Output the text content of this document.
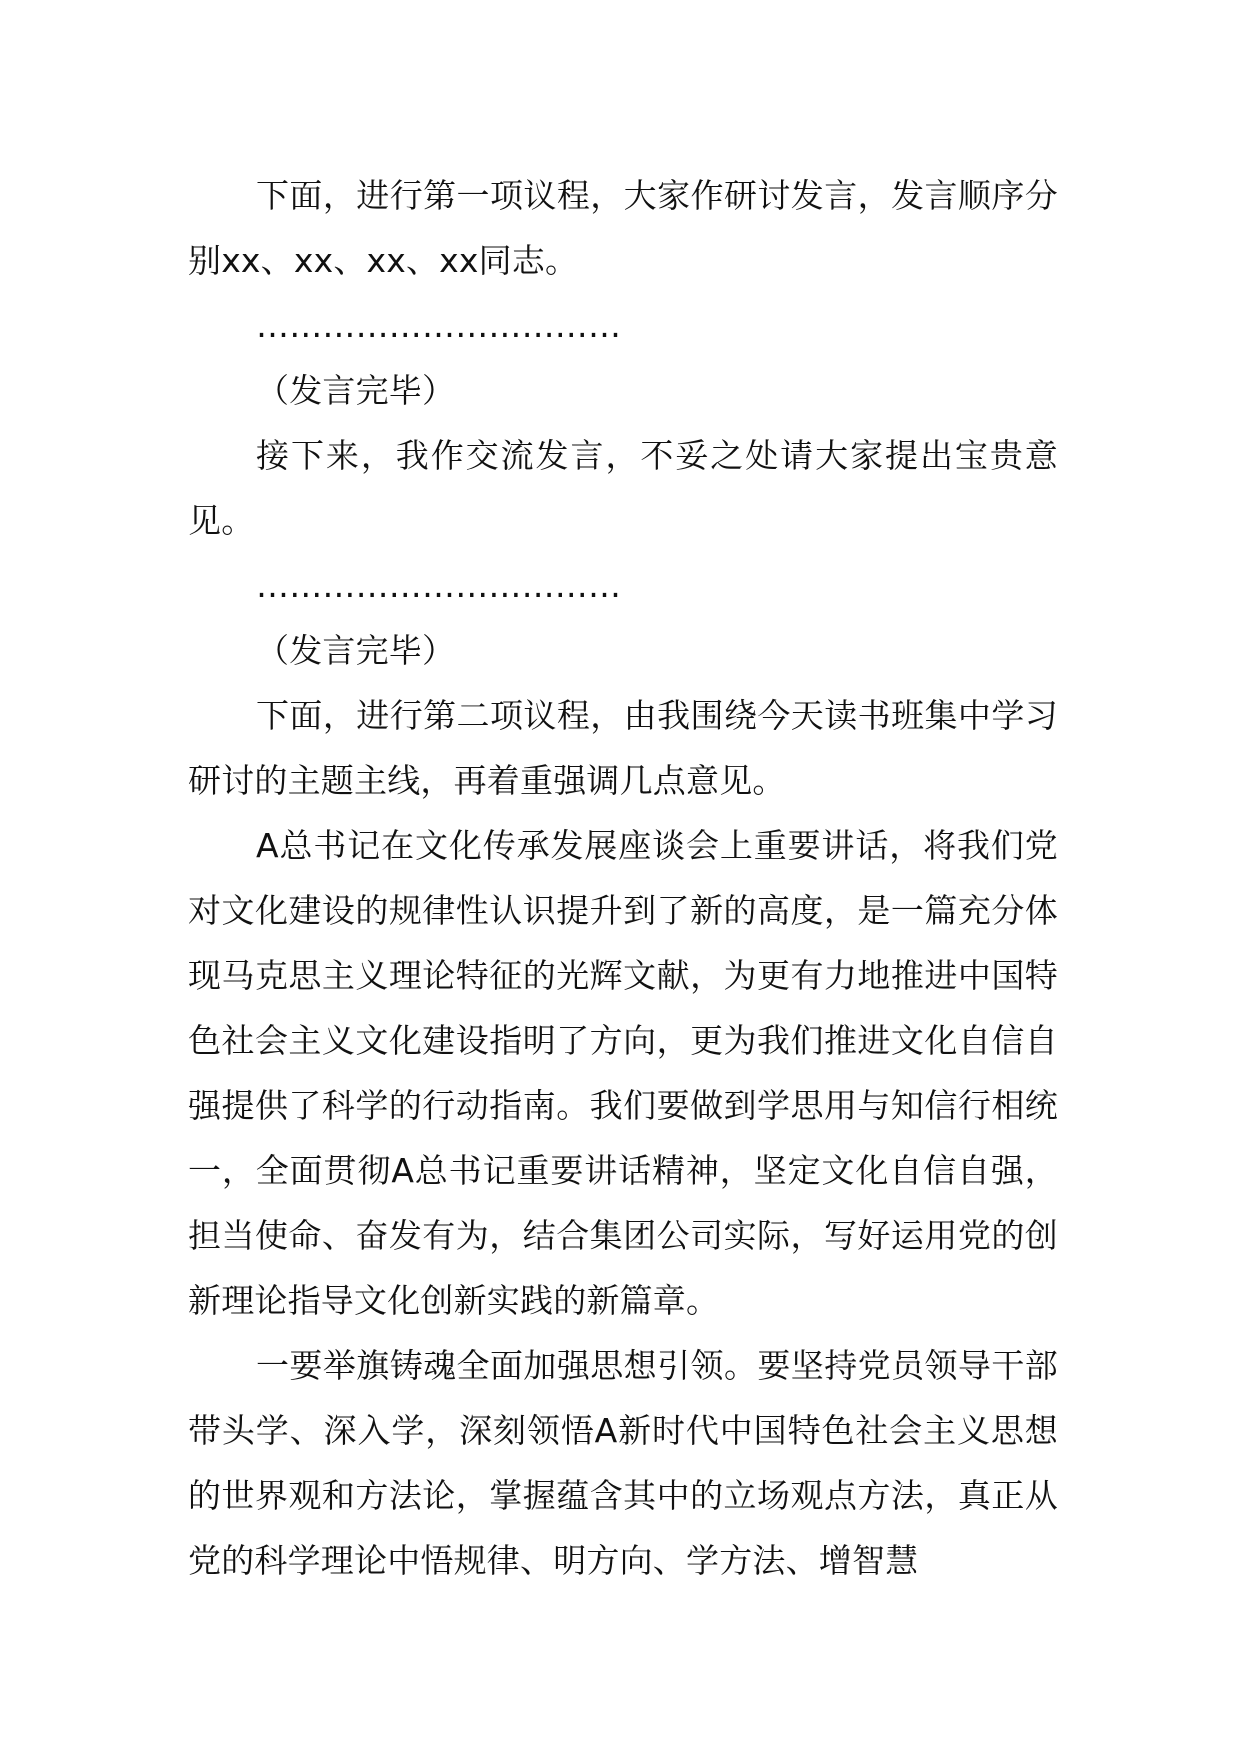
下面，进行第一项议程，大家作研讨发言，发言顺序分别xx、xx、xx、xx同志。

……………………………

（发言完毕）

接下来，我作交流发言，不妥之处请大家提出宝贵意见。

……………………………

（发言完毕）

下面，进行第二项议程，由我围绕今天读书班集中学习研讨的主题主线，再着重强调几点意见。

A总书记在文化传承发展座谈会上重要讲话，将我们党对文化建设的规律性认识提升到了新的高度，是一篇充分体现马克思主义理论特征的光辉文献，为更有力地推进中国特色社会主义文化建设指明了方向，更为我们推进文化自信自强提供了科学的行动指南。我们要做到学思用与知信行相统一，全面贯彻A总书记重要讲话精神，坚定文化自信自强，担当使命、奋发有为，结合集团公司实际，写好运用党的创新理论指导文化创新实践的新篇章。

一要举旗铸魂全面加强思想引领。要坚持党员领导干部带头学、深入学，深刻领悟A新时代中国特色社会主义思想的世界观和方法论，掌握蕴含其中的立场观点方法，真正从党的科学理论中悟规律、明方向、学方法、增智慧
